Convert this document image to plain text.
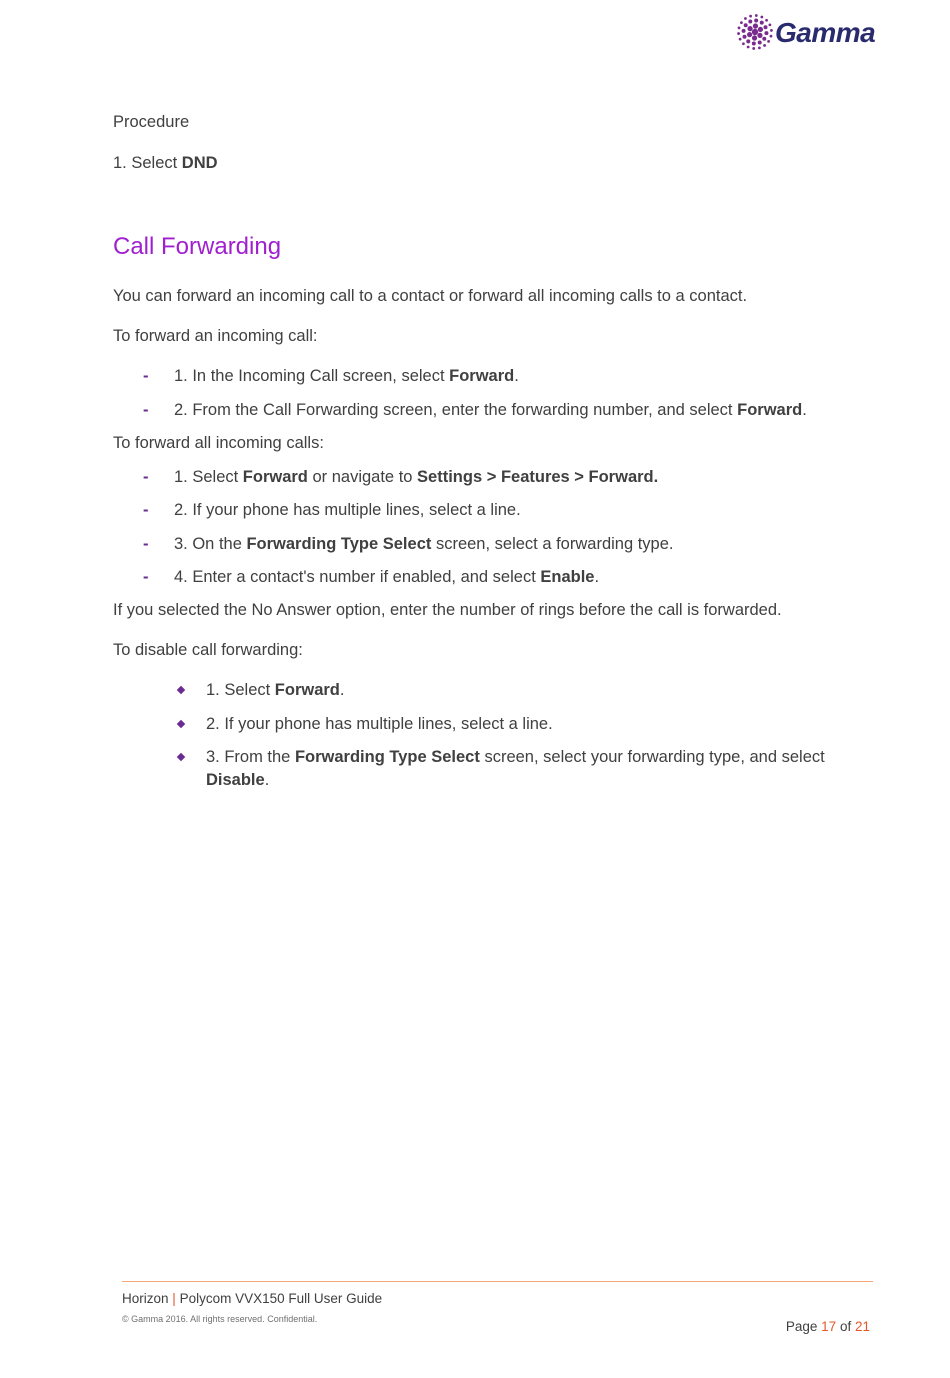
Gamma

Procedure

1. Select DND

Call Forwarding

You can forward an incoming call to a contact or forward all incoming calls to a contact.

To forward an incoming call:

- 1. In the Incoming Call screen, select Forward.
- 2. From the Call Forwarding screen, enter the forwarding number, and select Forward.

To forward all incoming calls:

- 1. Select Forward or navigate to Settings > Features > Forward.
- 2. If your phone has multiple lines, select a line.
- 3. On the Forwarding Type Select screen, select a forwarding type.
- 4. Enter a contact's number if enabled, and select Enable.

If you selected the No Answer option, enter the number of rings before the call is forwarded.

To disable call forwarding:

1. Select Forward.
2. If your phone has multiple lines, select a line.
3. From the Forwarding Type Select screen, select your forwarding type, and select Disable.
Horizon | Polycom VVX150 Full User Guide
© Gamma 2016. All rights reserved. Confidential.	Page 17 of 21
